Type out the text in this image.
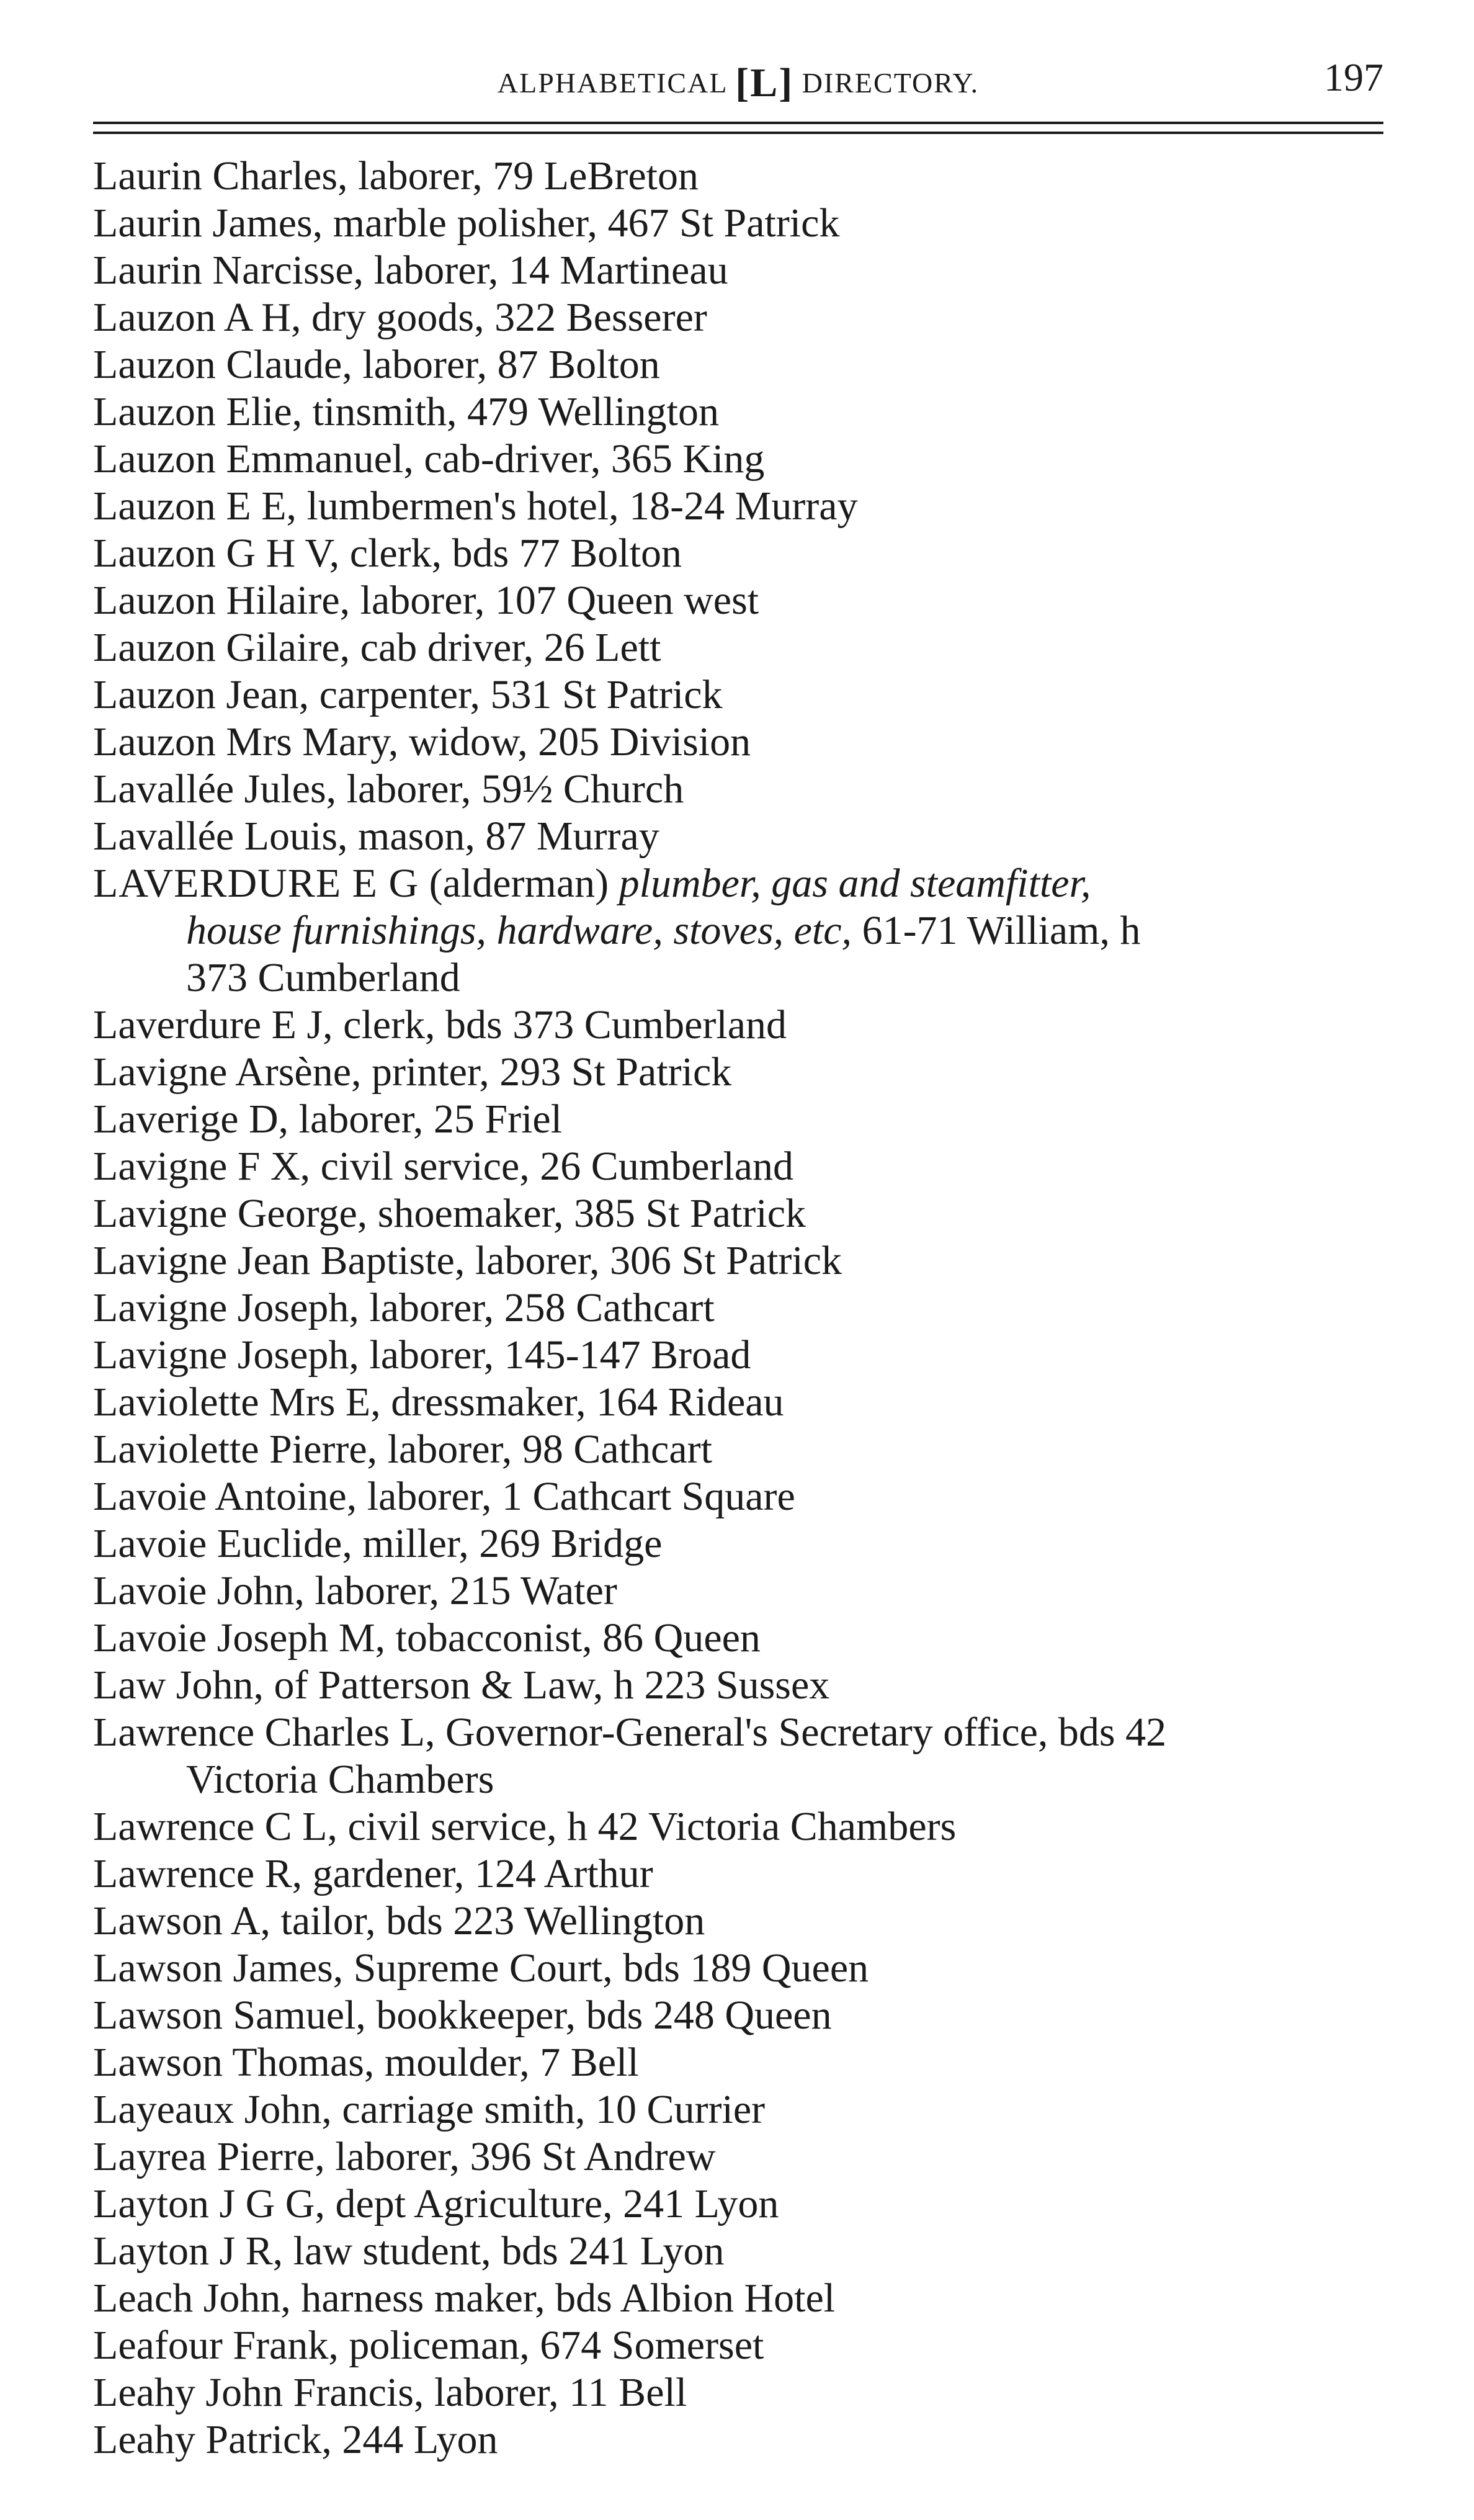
ALPHABETICAL [L] DIRECTORY.	197
Laurin Charles, laborer, 79 LeBreton
Laurin James, marble polisher, 467 St Patrick
Laurin Narcisse, laborer, 14 Martineau
Lauzon A H, dry goods, 322 Besserer
Lauzon Claude, laborer, 87 Bolton
Lauzon Elie, tinsmith, 479 Wellington
Lauzon Emmanuel, cab-driver, 365 King
Lauzon E E, lumbermen's hotel, 18-24 Murray
Lauzon G H V, clerk, bds 77 Bolton
Lauzon Hilaire, laborer, 107 Queen west
Lauzon Gilaire, cab driver, 26 Lett
Lauzon Jean, carpenter, 531 St Patrick
Lauzon Mrs Mary, widow, 205 Division
Lavallée Jules, laborer, 59½ Church
Lavallée Louis, mason, 87 Murray
LAVERDURE E G (alderman) plumber, gas and steamfitter,
house furnishings, hardware, stoves, etc, 61-71 William, h
373 Cumberland
Laverdure E J, clerk, bds 373 Cumberland
Lavigne Arsène, printer, 293 St Patrick
Laverige D, laborer, 25 Friel
Lavigne F X, civil service, 26 Cumberland
Lavigne George, shoemaker, 385 St Patrick
Lavigne Jean Baptiste, laborer, 306 St Patrick
Lavigne Joseph, laborer, 258 Cathcart
Lavigne Joseph, laborer, 145-147 Broad
Laviolette Mrs E, dressmaker, 164 Rideau
Laviolette Pierre, laborer, 98 Cathcart
Lavoie Antoine, laborer, 1 Cathcart Square
Lavoie Euclide, miller, 269 Bridge
Lavoie John, laborer, 215 Water
Lavoie Joseph M, tobacconist, 86 Queen
Law John, of Patterson & Law, h 223 Sussex
Lawrence Charles L, Governor-General's Secretary office, bds 42
Victoria Chambers
Lawrence C L, civil service, h 42 Victoria Chambers
Lawrence R, gardener, 124 Arthur
Lawson A, tailor, bds 223 Wellington
Lawson James, Supreme Court, bds 189 Queen
Lawson Samuel, bookkeeper, bds 248 Queen
Lawson Thomas, moulder, 7 Bell
Layeaux John, carriage smith, 10 Currier
Layrea Pierre, laborer, 396 St Andrew
Layton J G G, dept Agriculture, 241 Lyon
Layton J R, law student, bds 241 Lyon
Leach John, harness maker, bds Albion Hotel
Leafour Frank, policeman, 674 Somerset
Leahy John Francis, laborer, 11 Bell
Leahy Patrick, 244 Lyon
